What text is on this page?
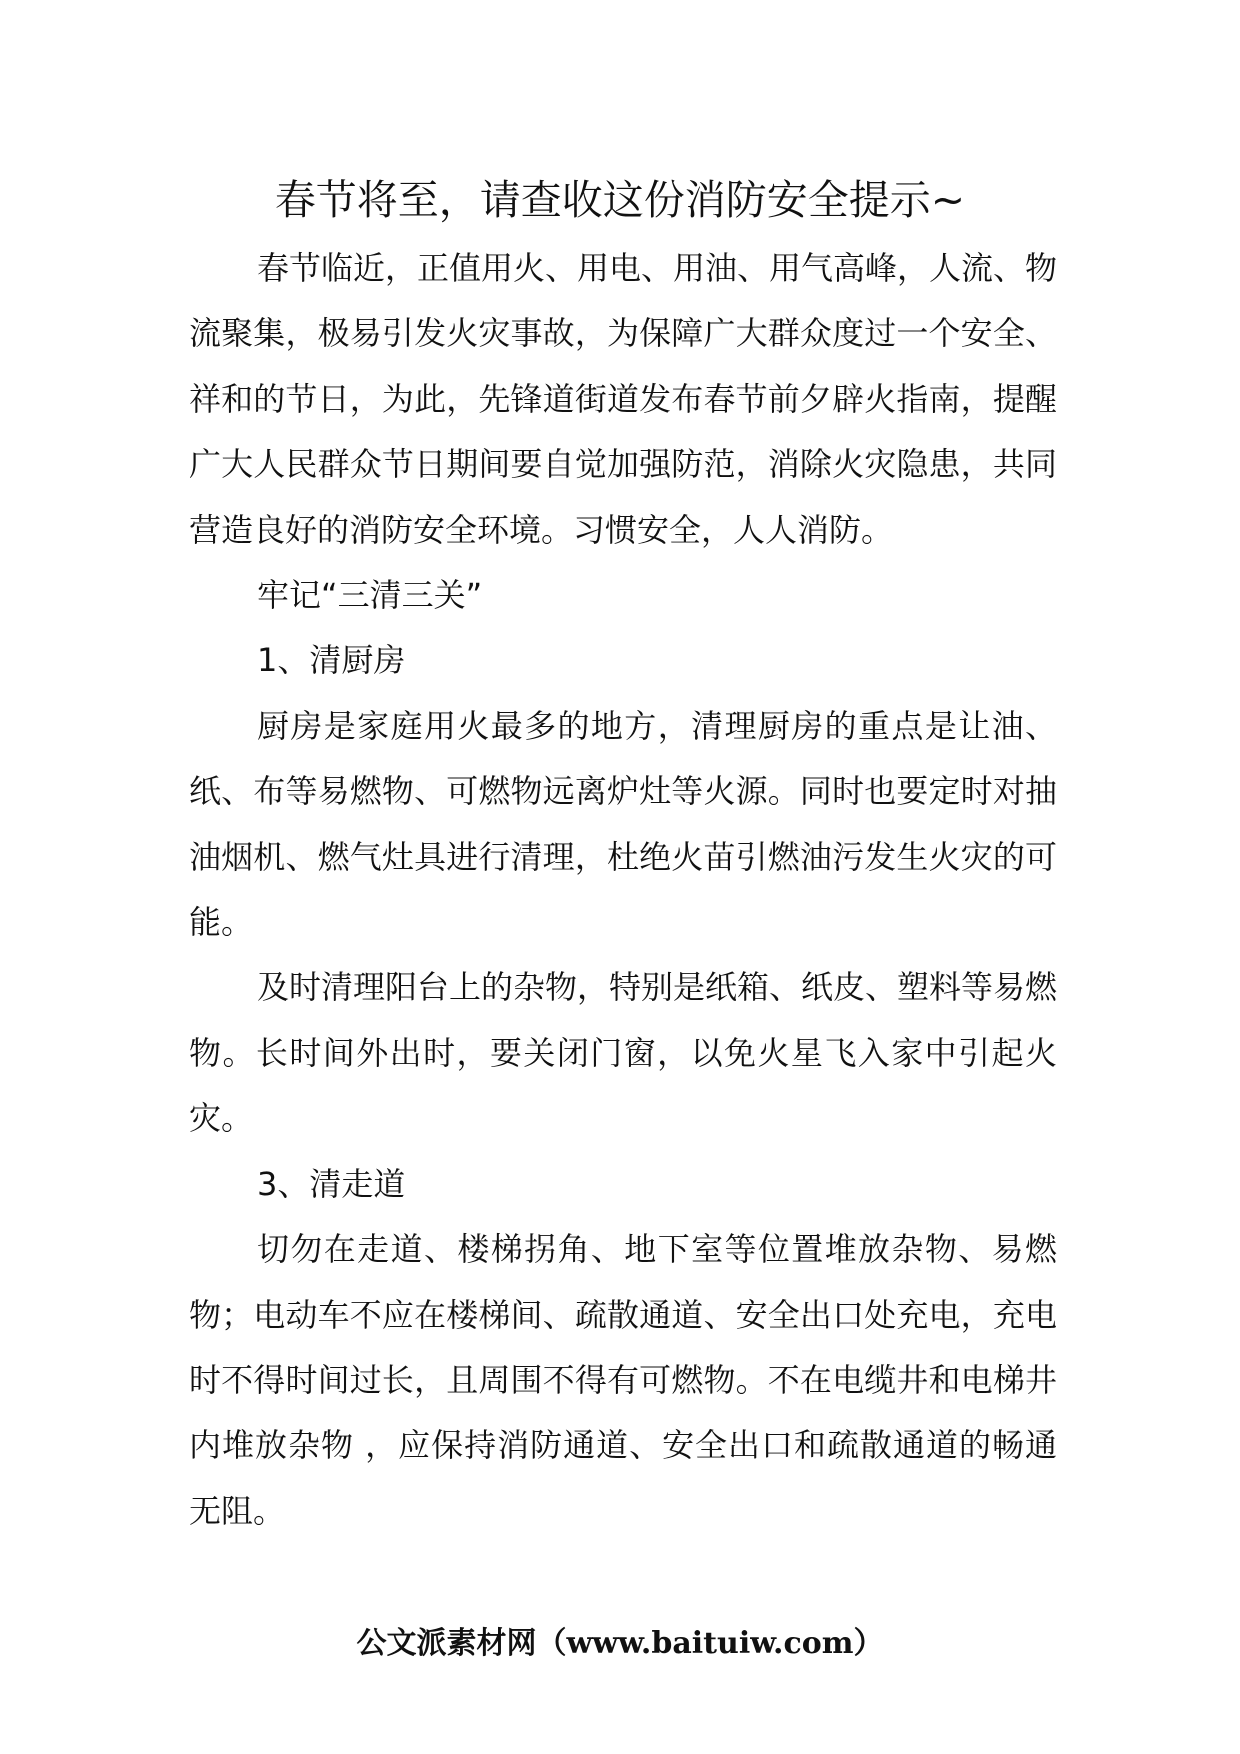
春节将至，请查收这份消防安全提示~

春节临近，正值用火、用电、用油、用气高峰，人流、物流聚集，极易引发火灾事故，为保障广大群众度过一个安全、祥和的节日，为此，先锋道街道发布春节前夕辟火指南，提醒广大人民群众节日期间要自觉加强防范，消除火灾隐患，共同营造良好的消防安全环境。习惯安全，人人消防。

牢记“三清三关”

1、清厨房

厨房是家庭用火最多的地方，清理厨房的重点是让油、纸、布等易燃物、可燃物远离炉灶等火源。同时也要定时对抽油烟机、燃气灶具进行清理，杜绝火苗引燃油污发生火灾的可能。

及时清理阳台上的杂物，特别是纸箱、纸皮、塑料等易燃物。长时间外出时，要关闭门窗，以免火星飞入家中引起火灾。

3、清走道

切勿在走道、楼梯拐角、地下室等位置堆放杂物、易燃物；电动车不应在楼梯间、疏散通道、安全出口处充电，充电时不得时间过长，且周围不得有可燃物。不在电缆井和电梯井内堆放杂物 ，应保持消防通道、安全出口和疏散通道的畅通无阻。

公文派素材网（www.baituiw.com）
